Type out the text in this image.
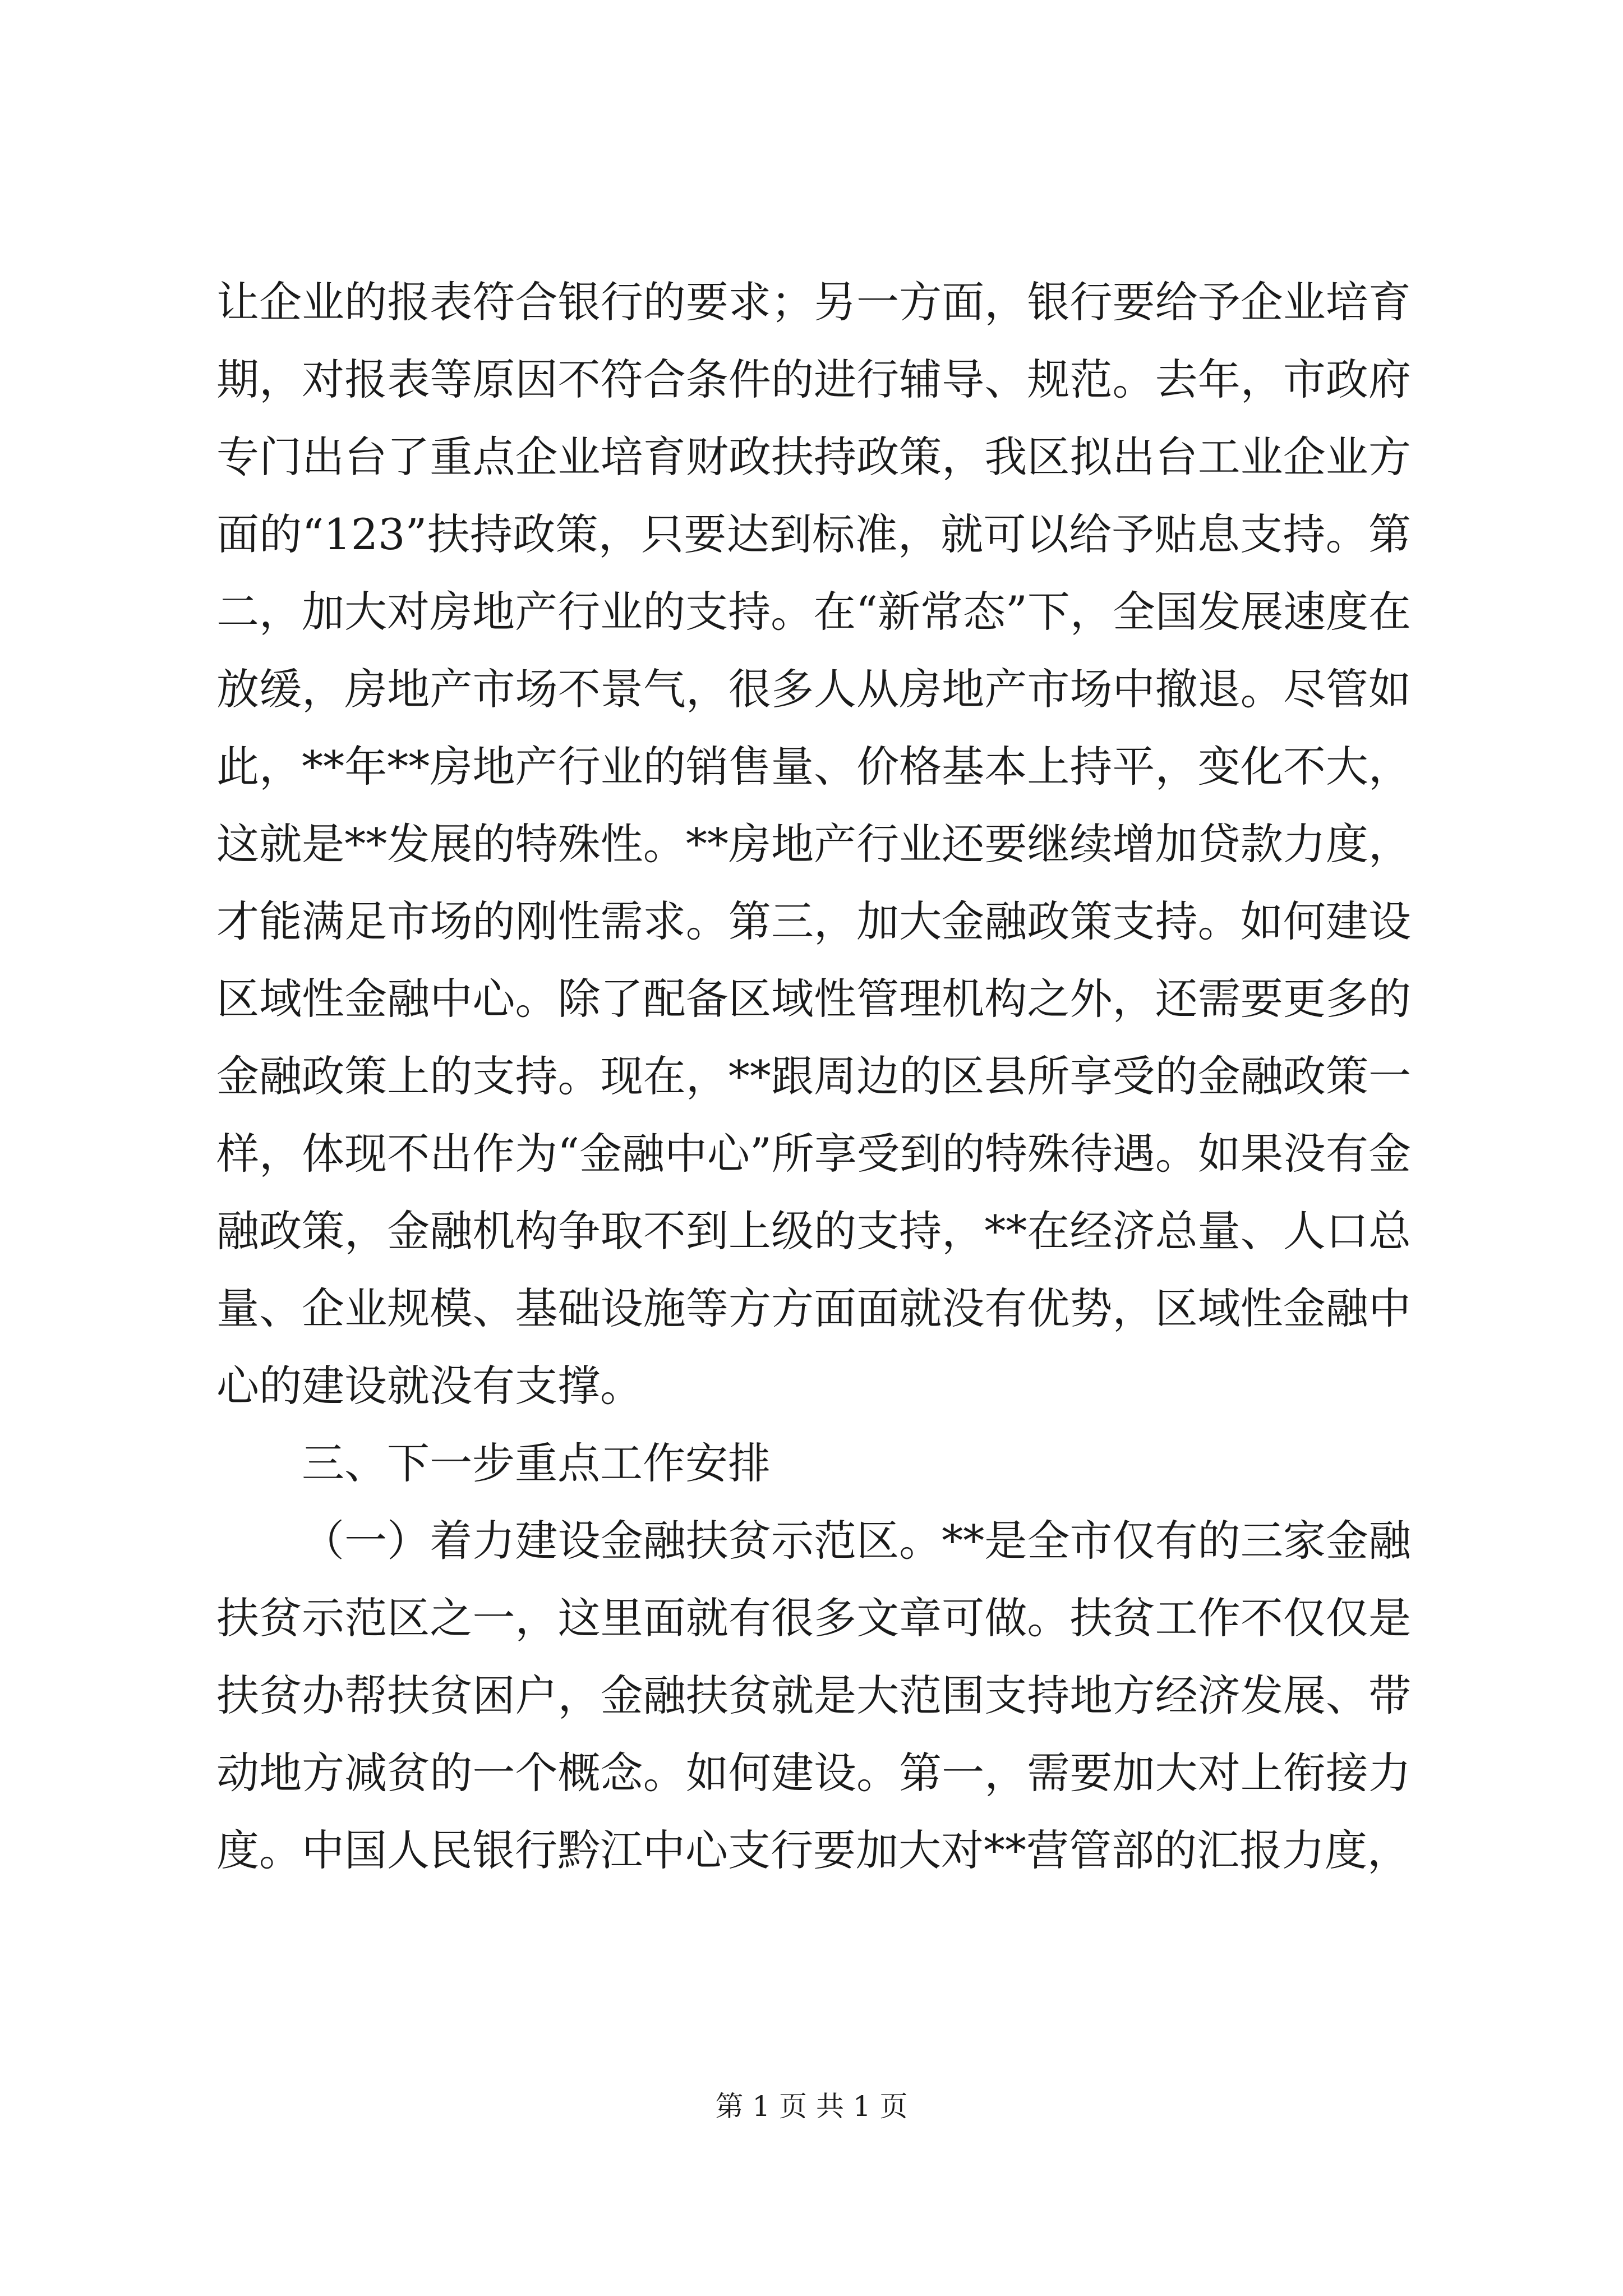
让企业的报表符合银行的要求；另一方面，银行要给予企业培育期，对报表等原因不符合条件的进行辅导、规范。去年，市政府专门出台了重点企业培育财政扶持政策，我区拟出台工业企业方面的“123”扶持政策，只要达到标准，就可以给予贴息支持。第二，加大对房地产行业的支持。在“新常态”下，全国发展速度在放缓，房地产市场不景气，很多人从房地产市场中撤退。尽管如此，**年**房地产行业的销售量、价格基本上持平，变化不大，这就是**发展的特殊性。**房地产行业还要继续增加贷款力度，才能满足市场的刚性需求。第三，加大金融政策支持。如何建设区域性金融中心。除了配备区域性管理机构之外，还需要更多的金融政策上的支持。现在，**跟周边的区县所享受的金融政策一样，体现不出作为“金融中心”所享受到的特殊待遇。如果没有金融政策，金融机构争取不到上级的支持，**在经济总量、人口总量、企业规模、基础设施等方方面面就没有优势，区域性金融中心的建设就没有支撑。

三、下一步重点工作安排

（一）着力建设金融扶贫示范区。**是全市仅有的三家金融扶贫示范区之一，这里面就有很多文章可做。扶贫工作不仅仅是扶贫办帮扶贫困户，金融扶贫就是大范围支持地方经济发展、带动地方减贫的一个概念。如何建设。第一，需要加大对上衔接力度。中国人民银行黔江中心支行要加大对**营管部的汇报力度，

第 1 页 共 1 页
